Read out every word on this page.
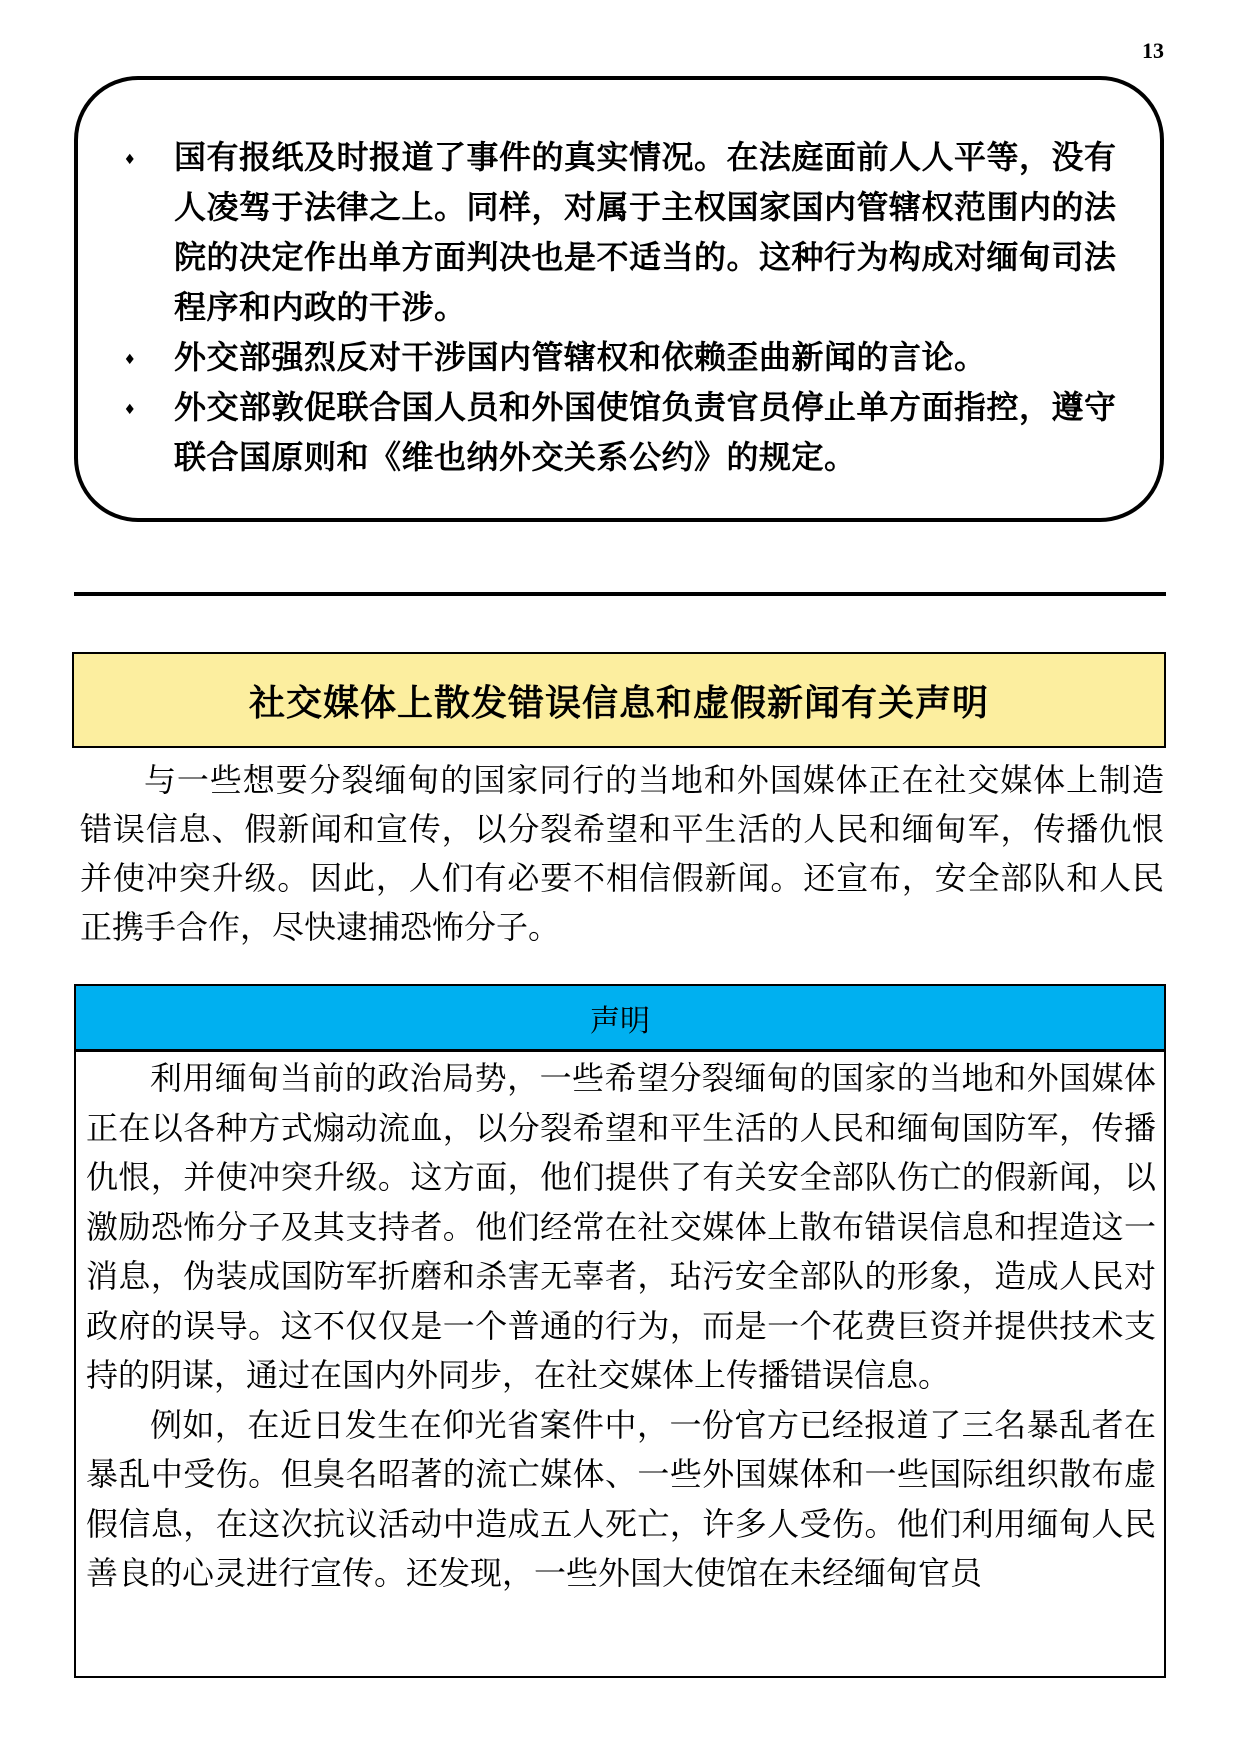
13
♦	国有报纸及时报道了事件的真实情况。在法庭面前人人平等，没有人凌驾于法律之上。同样，对属于主权国家国内管辖权范围内的法院的决定作出单方面判决也是不适当的。这种行为构成对缅甸司法程序和内政的干涉。
♦	外交部强烈反对干涉国内管辖权和依赖歪曲新闻的言论。
♦	外交部敦促联合国人员和外国使馆负责官员停止单方面指控，遵守联合国原则和《维也纳外交关系公约》的规定。
社交媒体上散发错误信息和虚假新闻有关声明

与一些想要分裂缅甸的国家同行的当地和外国媒体正在社交媒体上制造错误信息、假新闻和宣传，以分裂希望和平生活的人民和缅甸军，传播仇恨并使冲突升级。因此，人们有必要不相信假新闻。还宣布，安全部队和人民正携手合作，尽快逮捕恐怖分子。

声明

利用缅甸当前的政治局势，一些希望分裂缅甸的国家的当地和外国媒体正在以各种方式煽动流血，以分裂希望和平生活的人民和缅甸国防军，传播仇恨，并使冲突升级。这方面，他们提供了有关安全部队伤亡的假新闻，以激励恐怖分子及其支持者。他们经常在社交媒体上散布错误信息和捏造这一消息，伪装成国防军折磨和杀害无辜者，玷污安全部队的形象，造成人民对政府的误导。这不仅仅是一个普通的行为，而是一个花费巨资并提供技术支持的阴谋，通过在国内外同步，在社交媒体上传播错误信息。

例如，在近日发生在仰光省案件中，一份官方已经报道了三名暴乱者在暴乱中受伤。但臭名昭著的流亡媒体、一些外国媒体和一些国际组织散布虚假信息，在这次抗议活动中造成五人死亡，许多人受伤。他们利用缅甸人民善良的心灵进行宣传。还发现，一些外国大使馆在未经缅甸官员
